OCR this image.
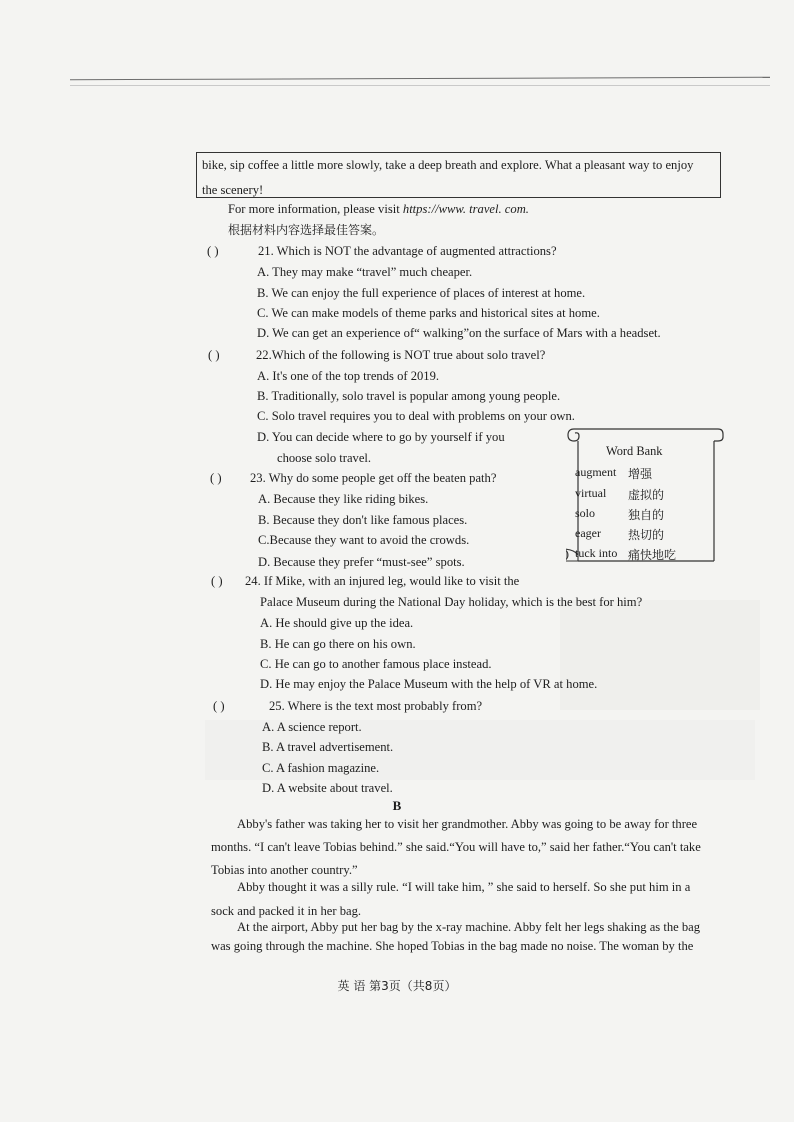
bike, sip coffee a little more slowly, take a deep breath and explore. What a pleasant way to enjoy
the scenery!
For more information, please visit https://www. travel. com.
根据材料内容选择最佳答案。
( )	21. Which is NOT the advantage of augmented attractions?
A. They may make “travel” much cheaper.
B. We can enjoy the full experience of places of interest at home.
C. We can make models of theme parks and historical sites at home.
D. We can get an experience of“ walking”on the surface of Mars with a headset.
( )	22.Which of the following is NOT true about solo travel?
A. It's one of the top trends of 2019.
B. Traditionally, solo travel is popular among young people.
C. Solo travel requires you to deal with problems on your own.
D. You can decide where to go by yourself if you
choose solo travel.
( ) 23. Why do some people get off the beaten path?
A. Because they like riding bikes.
B. Because they don't like famous places.
C.Because they want to avoid the crowds.
D. Because they prefer “must-see” spots.
( ) 24. If Mike, with an injured leg, would like to visit the
Palace Museum during the National Day holiday, which is the best for him?
A. He should give up the idea.
B. He can go there on his own.
C. He can go to another famous place instead.
D. He may enjoy the Palace Museum with the help of VR at home.
( )	25. Where is the text most probably from?
A. A science report.
B. A travel advertisement.
C. A fashion magazine.
D. A website about travel.
Word Bank
augment 增强
virtual 虚拟的
solo	独自的
eager 热切的
tuck into 痛快地吃
B
Abby's father was taking her to visit her grandmother. Abby was going to be away for three
months. “I can't leave Tobias behind.” she said.“You will have to,” said her father.“You can't take
Tobias into another country.”
Abby thought it was a silly rule. “I will take him, ” she said to herself. So she put him in a
sock and packed it in her bag.
At the airport, Abby put her bag by the x-ray machine. Abby felt her legs shaking as the bag
was going through the machine. She hoped Tobias in the bag made no noise. The woman by the
英 语 第3页（共8页）
